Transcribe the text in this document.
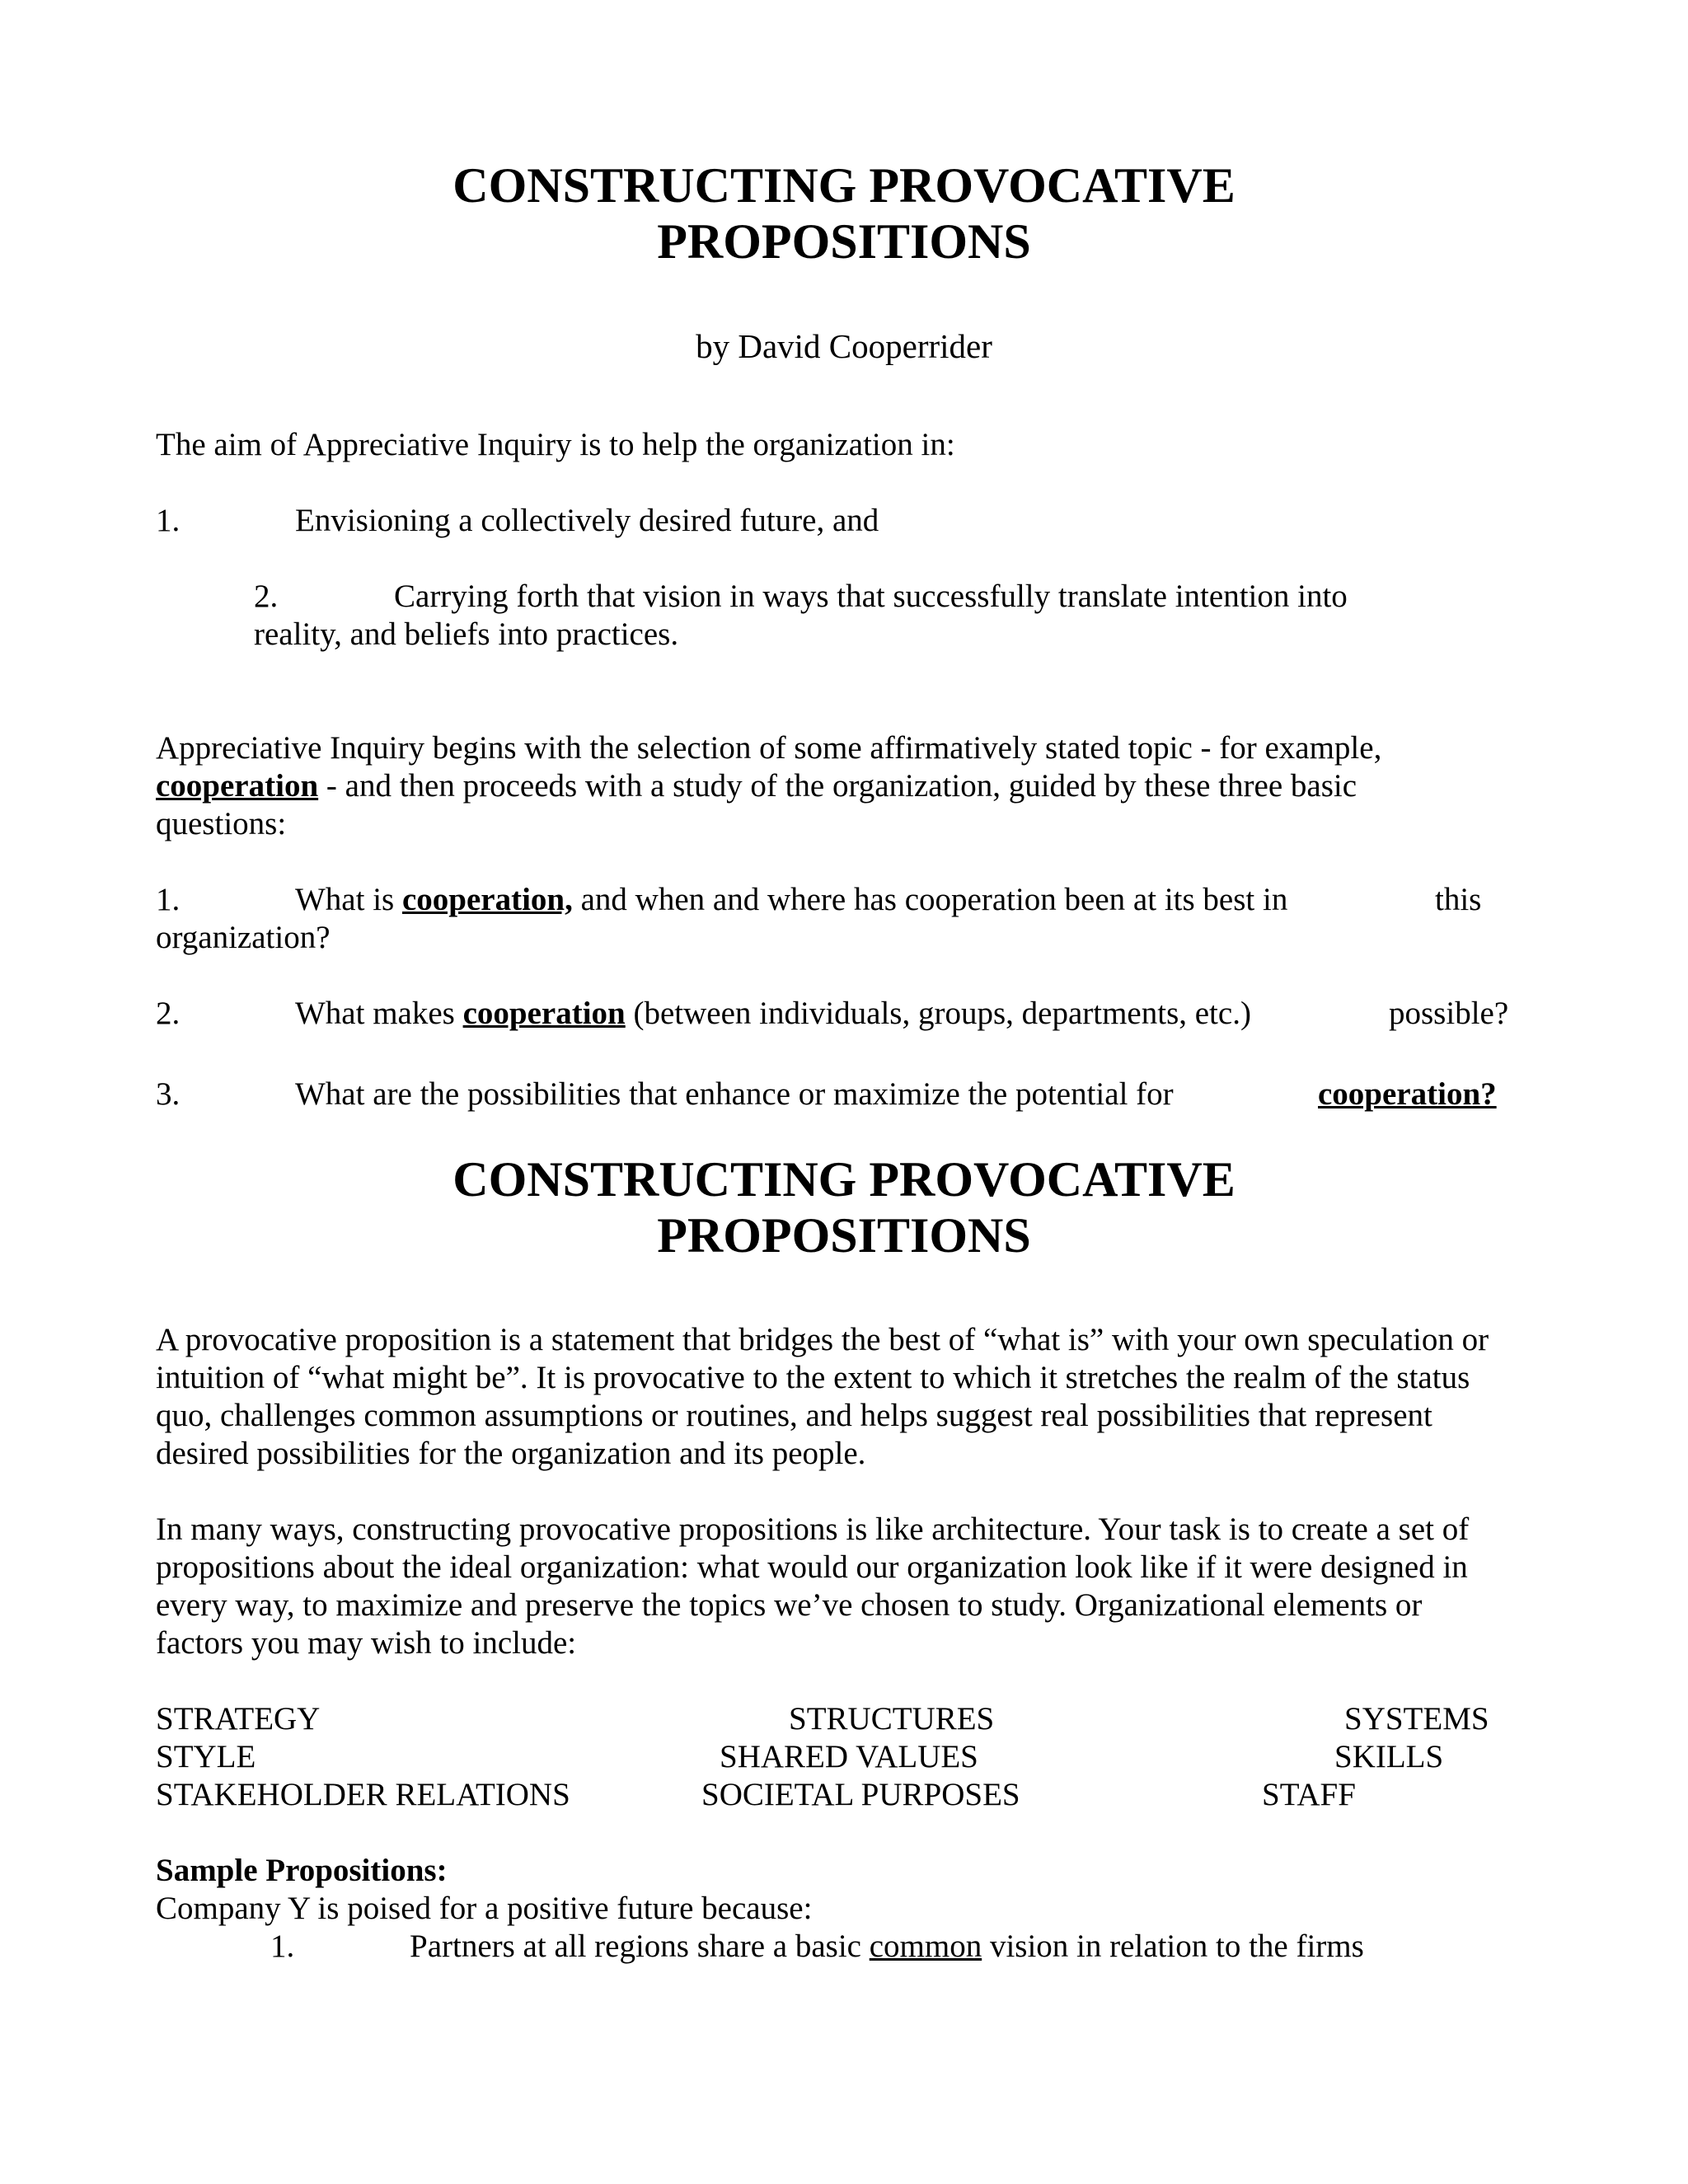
CONSTRUCTING PROVOCATIVE
PROPOSITIONS
by David Cooperrider
The aim of Appreciative Inquiry is to help the organization in:
1.	Envisioning a collectively desired future, and
2.	Carrying forth that vision in ways that successfully translate intention into
reality, and beliefs into practices.
Appreciative Inquiry begins with the selection of some affirmatively stated topic - for example,
cooperation - and then proceeds with a study of the organization, guided by these three basic
questions:
1.	What is cooperation, and when and where has cooperation been at its best in	this
organization?
2.	What makes cooperation (between individuals, groups, departments, etc.)	possible?
3.	What are the possibilities that enhance or maximize the potential for	cooperation?
CONSTRUCTING PROVOCATIVE
PROPOSITIONS
A provocative proposition is a statement that bridges the best of “what is” with your own speculation or
intuition of “what might be”. It is provocative to the extent to which it stretches the realm of the status
quo, challenges common assumptions or routines, and helps suggest real possibilities that represent
desired possibilities for the organization and its people.
In many ways, constructing provocative propositions is like architecture. Your task is to create a set of
propositions about the ideal organization: what would our organization look like if it were designed in
every way, to maximize and preserve the topics we’ve chosen to study. Organizational elements or
factors you may wish to include:
STRATEGY	STRUCTURES	SYSTEMS
STYLE	SHARED VALUES	SKILLS
STAKEHOLDER RELATIONS	SOCIETAL PURPOSES	STAFF
Sample Propositions:
Company Y is poised for a positive future because:
1.	Partners at all regions share a basic common vision in relation to the firms
